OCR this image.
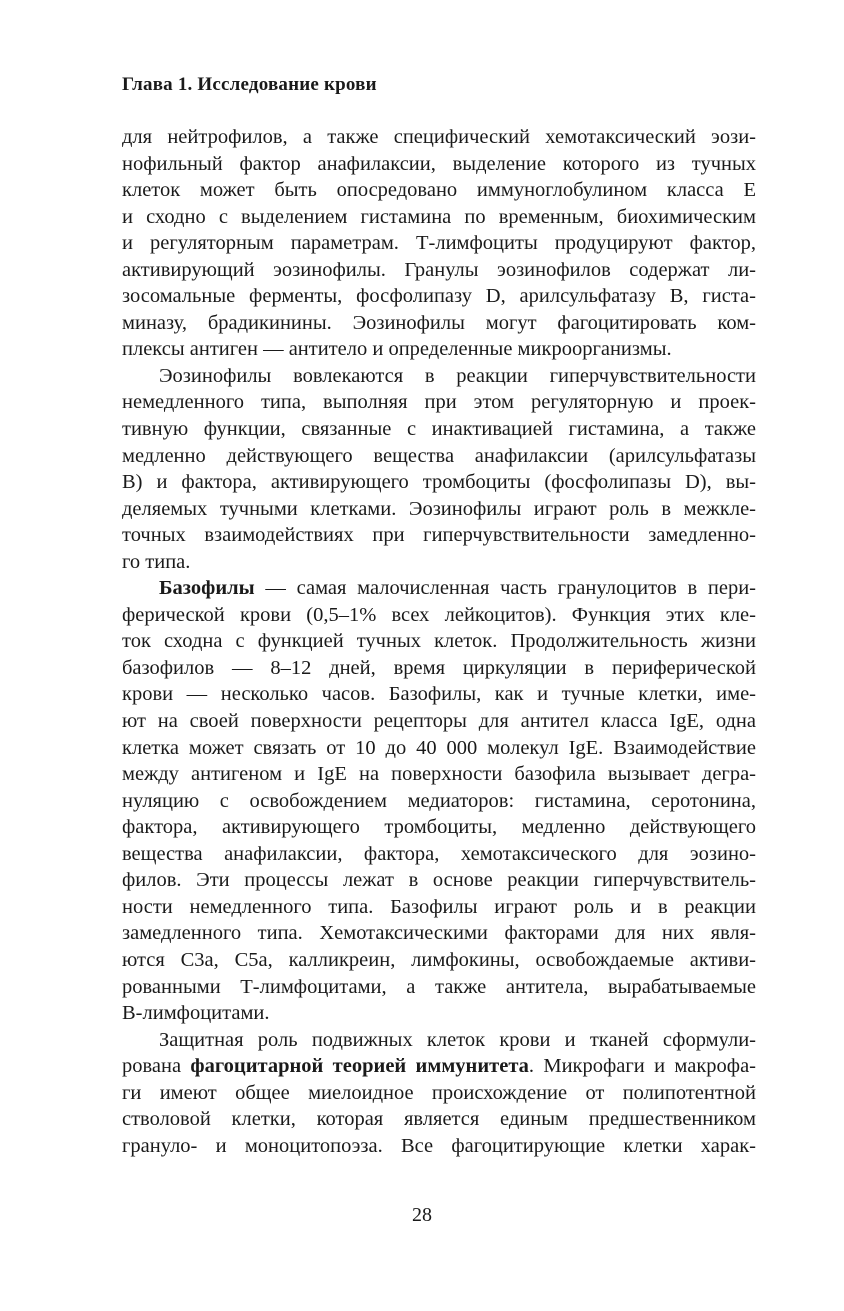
Глава 1. Исследование крови
для нейтрофилов, а также специфический хемотаксический эози-
нофильный фактор анафилаксии, выделение которого из тучных
клеток может быть опосредовано иммуноглобулином класса Е
и сходно с выделением гистамина по временным, биохимическим
и регуляторным параметрам. Т-лимфоциты продуцируют фактор,
активирующий эозинофилы. Гранулы эозинофилов содержат ли-
зосомальные ферменты, фосфолипазу D, арилсульфатазу В, гиста-
миназу, брадикинины. Эозинофилы могут фагоцитировать ком-
плексы антиген — антитело и определенные микроорганизмы.
Эозинофилы вовлекаются в реакции гиперчувствительности
немедленного типа, выполняя при этом регуляторную и проек-
тивную функции, связанные с инактивацией гистамина, а также
медленно действующего вещества анафилаксии (арилсульфатазы
В) и фактора, активирующего тромбоциты (фосфолипазы D), вы-
деляемых тучными клетками. Эозинофилы играют роль в межкле-
точных взаимодействиях при гиперчувствительности замедленно-
го типа.
Базофилы — самая малочисленная часть гранулоцитов в пери-
ферической крови (0,5–1% всех лейкоцитов). Функция этих кле-
ток сходна с функцией тучных клеток. Продолжительность жизни
базофилов — 8–12 дней, время циркуляции в периферической
крови — несколько часов. Базофилы, как и тучные клетки, име-
ют на своей поверхности рецепторы для антител класса IgE, одна
клетка может связать от 10 до 40 000 молекул IgE. Взаимодействие
между антигеном и IgE на поверхности базофила вызывает дегра-
нуляцию с освобождением медиаторов: гистамина, серотонина,
фактора, активирующего тромбоциты, медленно действующего
вещества анафилаксии, фактора, хемотаксического для эозино-
филов. Эти процессы лежат в основе реакции гиперчувствитель-
ности немедленного типа. Базофилы играют роль и в реакции
замедленного типа. Хемотаксическими факторами для них явля-
ются C3a, C5a, калликреин, лимфокины, освобождаемые активи-
рованными Т-лимфоцитами, а также антитела, вырабатываемые
В-лимфоцитами.
Защитная роль подвижных клеток крови и тканей сформули-
рована фагоцитарной теорией иммунитета. Микрофаги и макрофа-
ги имеют общее миелоидное происхождение от полипотентной
стволовой клетки, которая является единым предшественником
грануло- и моноцитопоэза. Все фагоцитирующие клетки харак-
28
